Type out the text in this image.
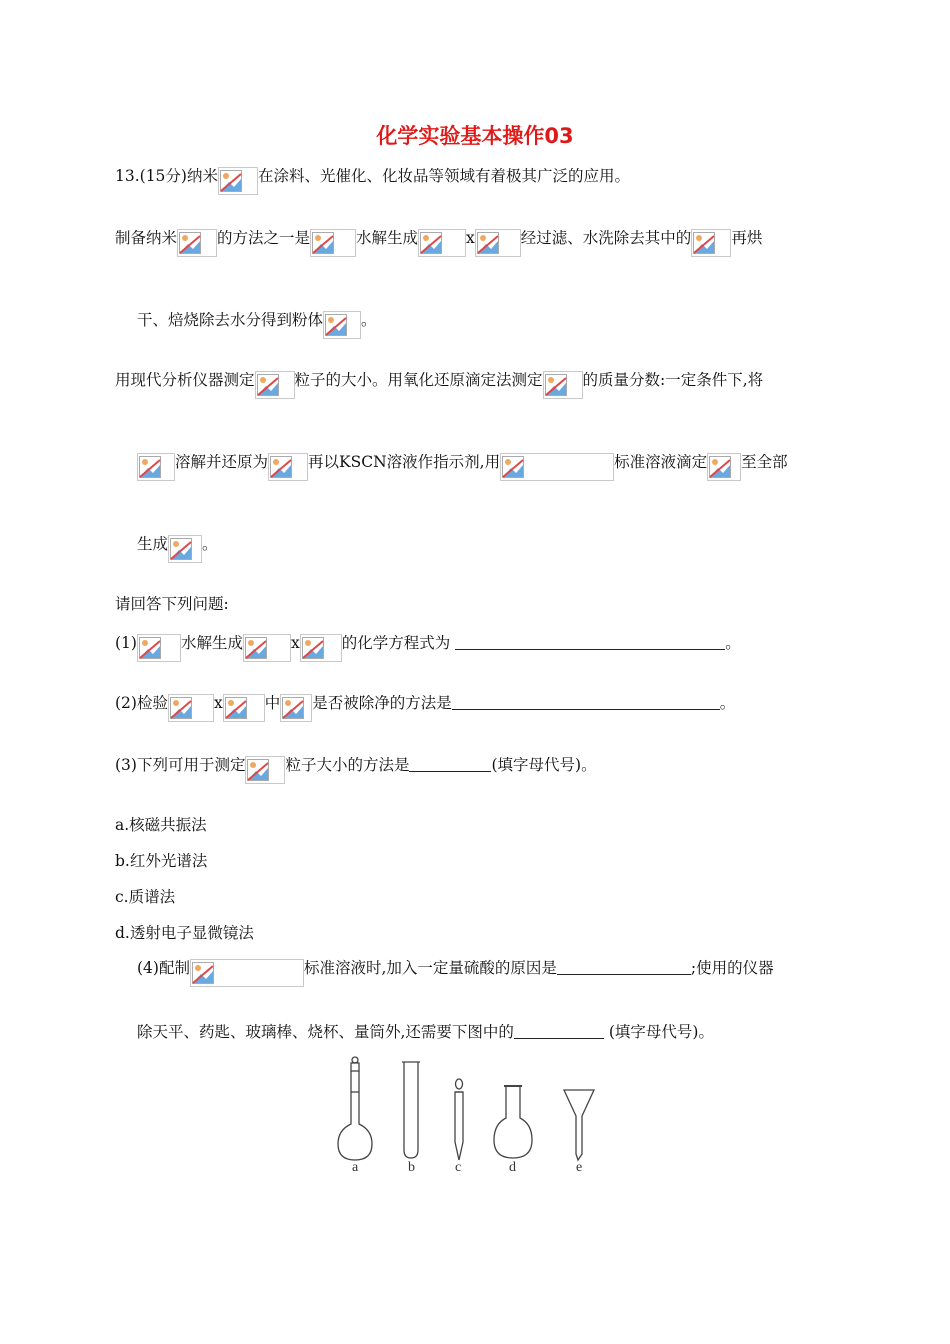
化学实验基本操作03
13.(15分)纳米	在涂料、光催化、化妆品等领域有着极其广泛的应用。
制备纳米	的方法之一是	水解生成	x	经过滤、水洗除去其中的	再烘
干、焙烧除去水分得到粉体 。
用现代分析仪器测定	粒子的大小。用氧化还原滴定法测定	的质量分数:一定条件下,将
溶解并还原为	再以KSCN溶液作指示剂,用	标准溶液滴定 至全部
生成 。
请回答下列问题:
(1)	水解生成	x	的化学方程式为	。
(2)检验	x	中 是否被除净的方法是	。
(3)下列可用于测定	粒子大小的方法是	(填字母代号)。
a.核磁共振法
b.红外光谱法
c.质谱法
d.透射电子显微镜法
(4)配制	标准溶液时,加入一定量硫酸的原因是	;使用的仪器
除天平、药匙、玻璃棒、烧杯、量筒外,还需要下图中的	(填字母代号)。
a	b	c	d	e
